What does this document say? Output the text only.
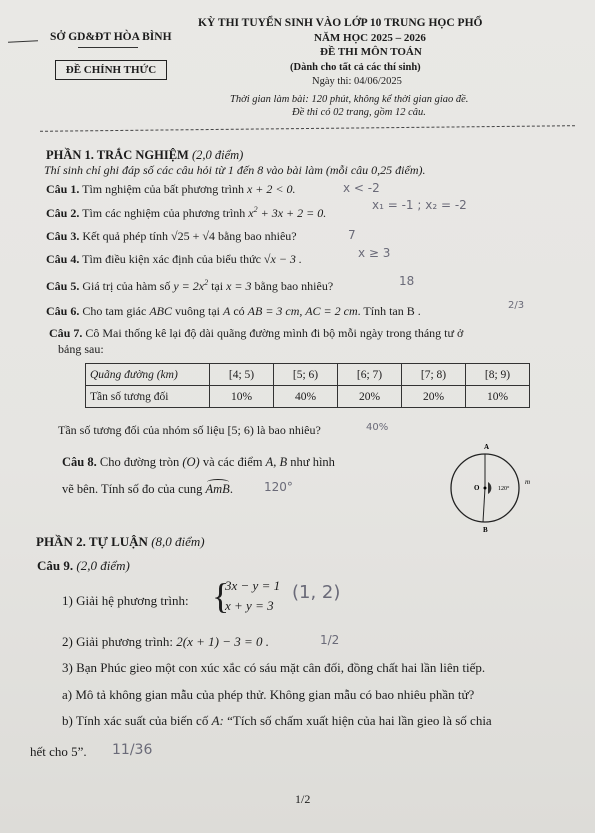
SỞ GD&ĐT HÒA BÌNH
KỲ THI TUYỂN SINH VÀO LỚP 10 TRUNG HỌC PHỔ
NĂM HỌC 2025 – 2026
ĐỀ THI MÔN TOÁN
(Dành cho tất cả các thí sinh)
Ngày thi: 04/06/2025
ĐỀ CHÍNH THỨC
Thời gian làm bài: 120 phút, không kể thời gian giao đề.
Đề thi có 02 trang, gồm 12 câu.
PHẦN 1. TRẮC NGHIỆM (2,0 điểm)
Thí sinh chỉ ghi đáp số các câu hỏi từ 1 đến 8 vào bài làm (mỗi câu 0,25 điểm).
Câu 1. Tìm nghiệm của bất phương trình x + 2 < 0.	x < -2
Câu 2. Tìm các nghiệm của phương trình $x^2 + 3x + 2 = 0$.
x₁ = -1 ; x₂ = -2
Câu 3. Kết quả phép tính √25 + √4 bằng bao nhiêu?	7
Câu 4. Tìm điều kiện xác định của biểu thức √x − 3 .	x ≥ 3
Câu 5. Giá trị của hàm số $y = 2x^2$ tại x = 3 bằng bao nhiêu?	18
Câu 6. Cho tam giác ABC vuông tại A có AB = 3 cm, AC = 2 cm. Tính tan B .	2/3
Câu 7. Cô Mai thống kê lại độ dài quãng đường mình đi bộ mỗi ngày trong tháng tư ở
bảng sau:
Quãng đường (km)	[4; 5)	[5; 6)	[6; 7)	[7; 8)	[8; 9)
Tần số tương đối	10%	40%	20%	20%	10%
Tần số tương đối của nhóm số liệu [5; 6) là bao nhiêu?	40%
Câu 8. Cho đường tròn (O) và các điểm A, B như hình
vẽ bên. Tính số đo của cung AmB.	120°
A
B
O
m
120°
PHẦN 2. TỰ LUẬN (8,0 điểm)
Câu 9. (2,0 điểm)
1) Giải hệ phương trình: {
3x − y = 1
x + y = 3
(1, 2)
2) Giải phương trình: 2(x + 1) − 3 = 0 .	1/2
3) Bạn Phúc gieo một con xúc xắc có sáu mặt cân đối, đồng chất hai lần liên tiếp.
a) Mô tả không gian mẫu của phép thử. Không gian mẫu có bao nhiêu phần tử?
b) Tính xác suất của biến cố A: “Tích số chấm xuất hiện của hai lần gieo là số chia
hết cho 5”. 11/36
1/2
